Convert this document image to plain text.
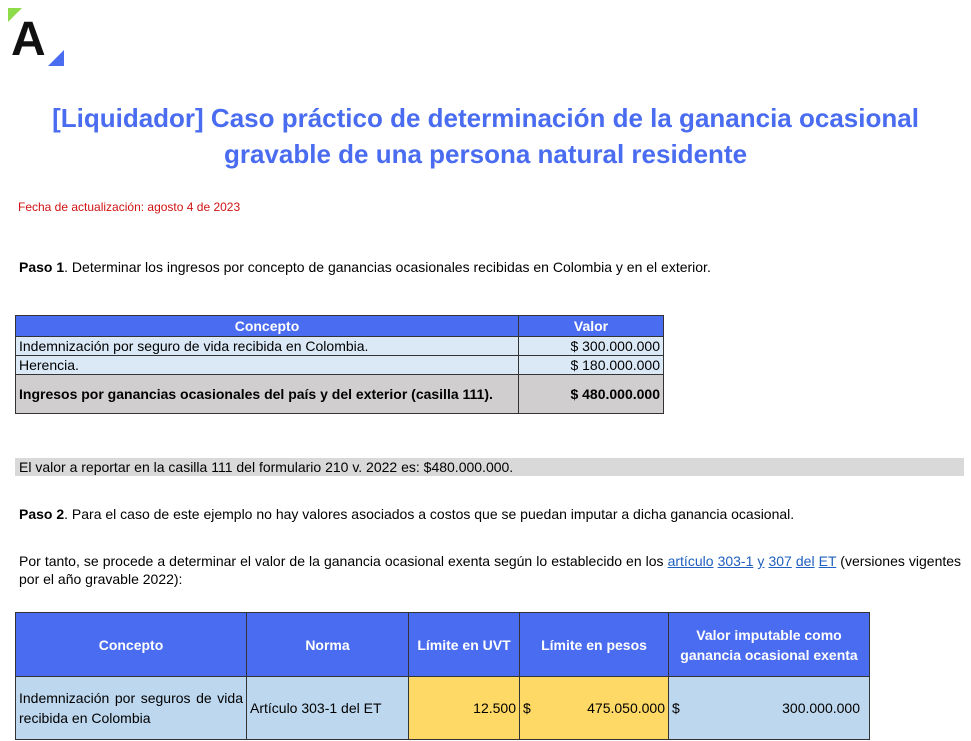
A
[Liquidador] Caso práctico de determinación de la ganancia ocasional
gravable de una persona natural residente
Fecha de actualización: agosto 4 de 2023
Paso 1. Determinar los ingresos por concepto de ganancias ocasionales recibidas en Colombia y en el exterior.
Concepto	Valor
Indemnización por seguro de vida recibida en Colombia.	$ 300.000.000
Herencia.	$ 180.000.000
Ingresos por ganancias ocasionales del país y del exterior (casilla 111).	$ 480.000.000
El valor a reportar en la casilla 111 del formulario 210 v. 2022 es: $480.000.000.
Paso 2. Para el caso de este ejemplo no hay valores asociados a costos que se puedan imputar a dicha ganancia ocasional.
Por tanto, se procede a determinar el valor de la ganancia ocasional exenta según lo establecido en los artículo 303-1 y 307 del ET (versiones vigentes por el año gravable 2022):
Concepto	Norma	Límite en UVT	Límite en pesos	Valor imputable como ganancia ocasional exenta
Indemnización por seguros de vida recibida en Colombia	Artículo 303-1 del ET	12.500	$ 475.050.000	$ 300.000.000
